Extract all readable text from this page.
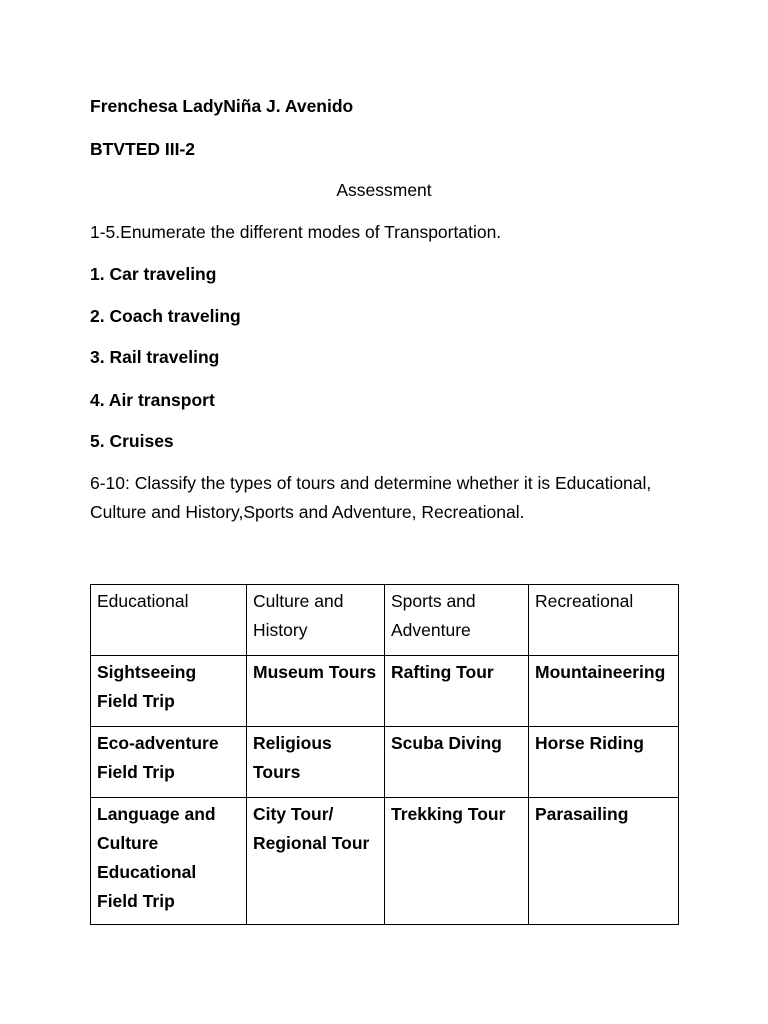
Frenchesa LadyNiña J. Avenido
BTVTED III-2
Assessment
1-5.Enumerate the different modes of Transportation.
1. Car traveling
2. Coach traveling
3. Rail traveling
4. Air transport
5. Cruises
6-10: Classify the types of tours and determine whether it is Educational, Culture and History,Sports and Adventure, Recreational.
Educational	Culture and History	Sports and Adventure	Recreational
Sightseeing Field Trip	Museum Tours	Rafting Tour	Mountaineering
Eco-adventure Field Trip	Religious Tours	Scuba Diving	Horse Riding
Language and Culture Educational Field Trip	City Tour/ Regional Tour	Trekking Tour	Parasailing
